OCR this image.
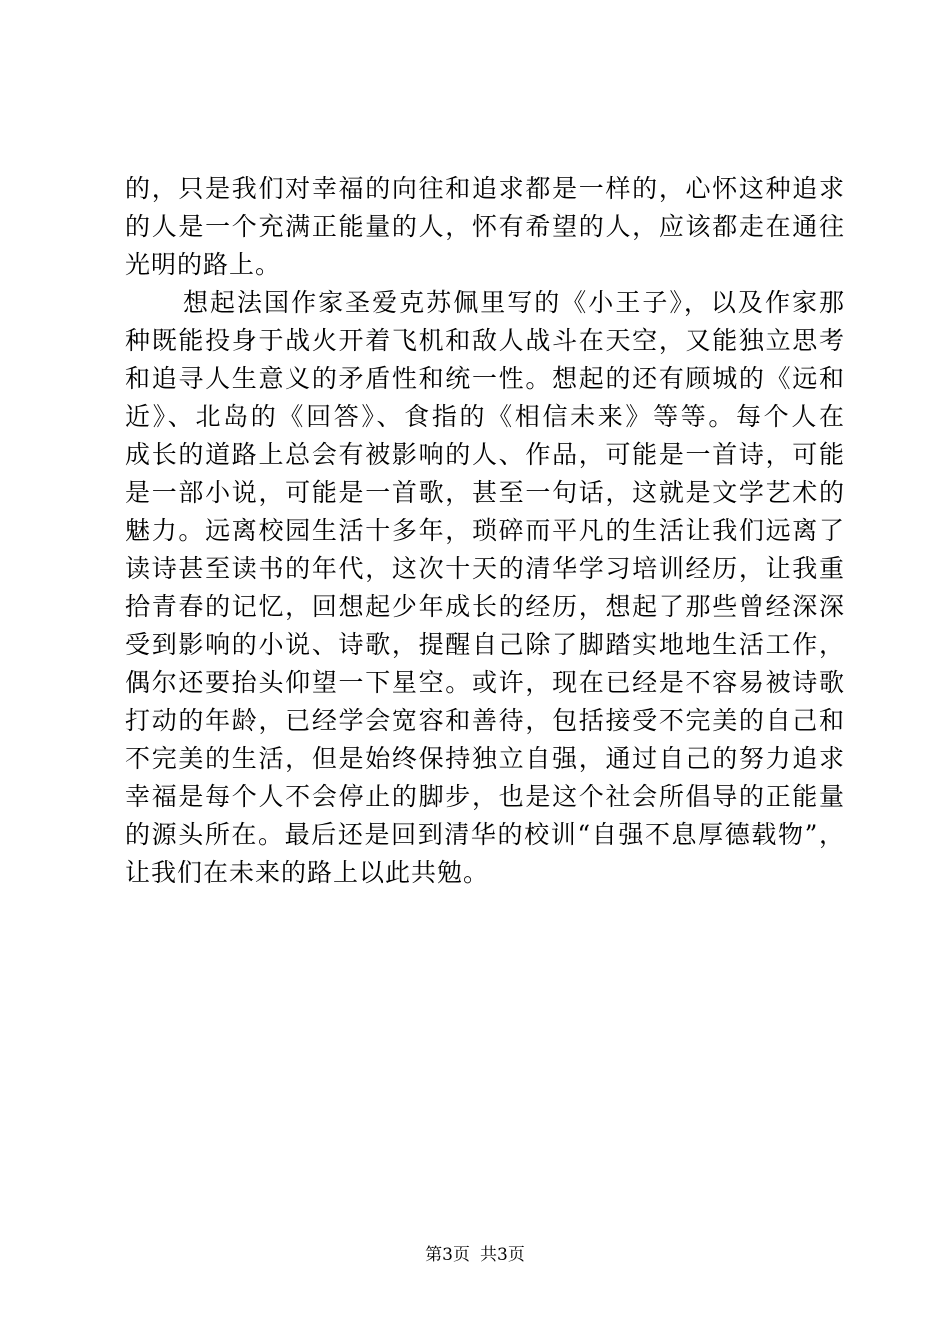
的，只是我们对幸福的向往和追求都是一样的，心怀这种追求
的人是一个充满正能量的人，怀有希望的人，应该都走在通往
光明的路上。
想起法国作家圣爱克苏佩里写的《小王子》，以及作家那
种既能投身于战火开着飞机和敌人战斗在天空，又能独立思考
和追寻人生意义的矛盾性和统一性。想起的还有顾城的《远和
近》、北岛的《回答》、食指的《相信未来》等等。每个人在
成长的道路上总会有被影响的人、作品，可能是一首诗，可能
是一部小说，可能是一首歌，甚至一句话，这就是文学艺术的
魅力。远离校园生活十多年，琐碎而平凡的生活让我们远离了
读诗甚至读书的年代，这次十天的清华学习培训经历，让我重
拾青春的记忆，回想起少年成长的经历，想起了那些曾经深深
受到影响的小说、诗歌，提醒自己除了脚踏实地地生活工作，
偶尔还要抬头仰望一下星空。或许，现在已经是不容易被诗歌
打动的年龄，已经学会宽容和善待，包括接受不完美的自己和
不完美的生活，但是始终保持独立自强，通过自己的努力追求
幸福是每个人不会停止的脚步，也是这个社会所倡导的正能量
的源头所在。最后还是回到清华的校训“自强不息厚德载物”，
让我们在未来的路上以此共勉。
第3页 共3页
